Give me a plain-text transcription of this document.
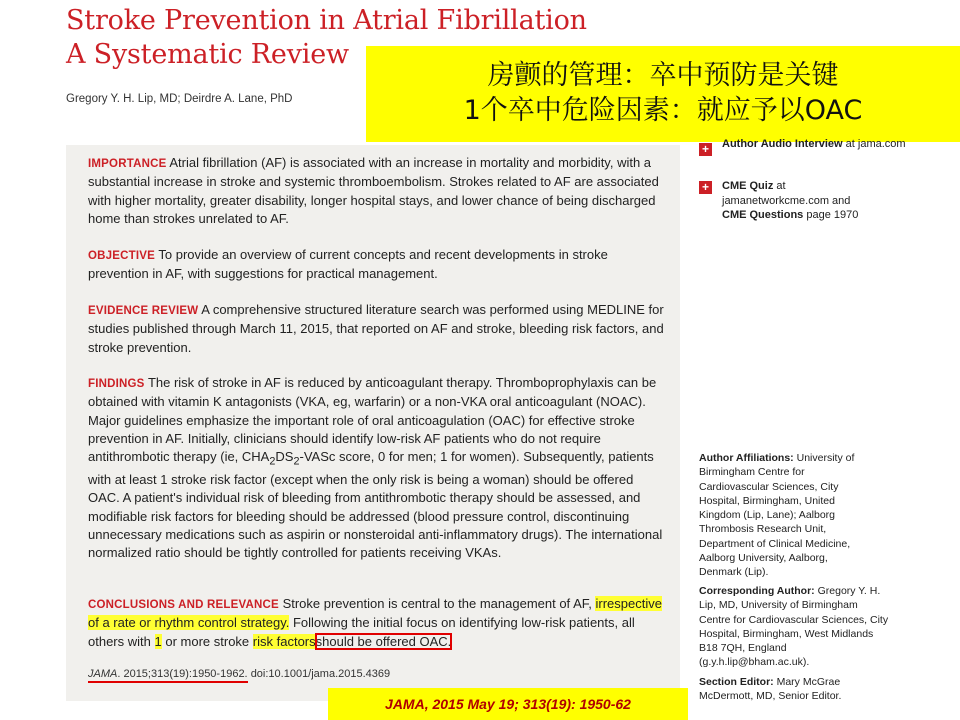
Stroke Prevention in Atrial Fibrillation
A Systematic Review
Gregory Y. H. Lip, MD; Deirdre A. Lane, PhD
房颤的管理：卒中预防是关键
1个卒中危险因素：就应予以OAC
IMPORTANCE Atrial fibrillation (AF) is associated with an increase in mortality and morbidity, with a substantial increase in stroke and systemic thromboembolism. Strokes related to AF are associated with higher mortality, greater disability, longer hospital stays, and lower chance of being discharged home than strokes unrelated to AF.
OBJECTIVE To provide an overview of current concepts and recent developments in stroke prevention in AF, with suggestions for practical management.
EVIDENCE REVIEW A comprehensive structured literature search was performed using MEDLINE for studies published through March 11, 2015, that reported on AF and stroke, bleeding risk factors, and stroke prevention.
FINDINGS The risk of stroke in AF is reduced by anticoagulant therapy. Thromboprophylaxis can be obtained with vitamin K antagonists (VKA, eg, warfarin) or a non-VKA oral anticoagulant (NOAC). Major guidelines emphasize the important role of oral anticoagulation (OAC) for effective stroke prevention in AF. Initially, clinicians should identify low-risk AF patients who do not require antithrombotic therapy (ie, $CHA_2DS_2$-VASc score, 0 for men; 1 for women). Subsequently, patients with at least 1 stroke risk factor (except when the only risk is being a woman) should be offered OAC. A patient's individual risk of bleeding from antithrombotic therapy should be assessed, and modifiable risk factors for bleeding should be addressed (blood pressure control, discontinuing unnecessary medications such as aspirin or nonsteroidal anti-inflammatory drugs). The international normalized ratio should be tightly controlled for patients receiving VKAs.
CONCLUSIONS AND RELEVANCE Stroke prevention is central to the management of AF, irrespective of a rate or rhythm control strategy. Following the initial focus on identifying low-risk patients, all others with 1 or more stroke risk factorsshould be offered OAC.
JAMA. 2015;313(19):1950-1962. doi:10.1001/jama.2015.4369
+ Author Audio Interview at jama.com
+ CME Quiz at jamanetworkcme.com and CME Questions page 1970
Author Affiliations: University of Birmingham Centre for Cardiovascular Sciences, City Hospital, Birmingham, United Kingdom (Lip, Lane); Aalborg Thrombosis Research Unit, Department of Clinical Medicine, Aalborg University, Aalborg, Denmark (Lip).
Corresponding Author: Gregory Y. H. Lip, MD, University of Birmingham Centre for Cardiovascular Sciences, City Hospital, Birmingham, West Midlands B18 7QH, England (g.y.h.lip@bham.ac.uk).
Section Editor: Mary McGrae McDermott, MD, Senior Editor.
JAMA, 2015 May 19; 313(19): 1950-62
